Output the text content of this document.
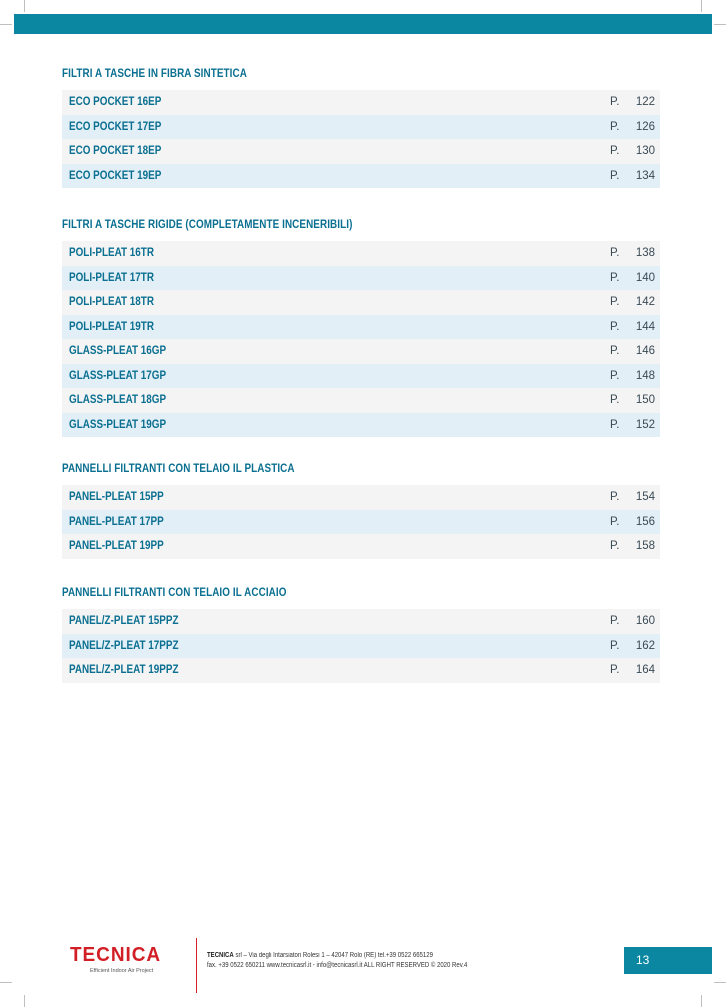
FILTRI A TASCHE IN FIBRA SINTETICA
ECO POCKET 16EP	P. 122
ECO POCKET 17EP	P. 126
ECO POCKET 18EP	P. 130
ECO POCKET 19EP	P. 134
FILTRI A TASCHE RIGIDE (COMPLETAMENTE INCENERIBILI)
POLI-PLEAT 16TR	P. 138
POLI-PLEAT 17TR	P. 140
POLI-PLEAT 18TR	P. 142
POLI-PLEAT 19TR	P. 144
GLASS-PLEAT 16GP	P. 146
GLASS-PLEAT 17GP	P. 148
GLASS-PLEAT 18GP	P. 150
GLASS-PLEAT 19GP	P. 152
PANNELLI FILTRANTI CON TELAIO IL PLASTICA
PANEL-PLEAT 15PP	P. 154
PANEL-PLEAT 17PP	P. 156
PANEL-PLEAT 19PP	P. 158
PANNELLI FILTRANTI CON TELAIO IL ACCIAIO
PANEL/Z-PLEAT 15PPZ	P. 160
PANEL/Z-PLEAT 17PPZ	P. 162
PANEL/Z-PLEAT 19PPZ	P. 164
TECNICA
Efficient Indoor Air Project
TECNICA srl – Via degli Intarsiatori Rolesi 1 – 42047 Rolo (RE) tel.+39 0522 665129
fax. +39 0522 650211 www.tecnicasrl.it - info@tecnicasrl.it ALL RIGHT RESERVED © 2020 Rev.4	13
